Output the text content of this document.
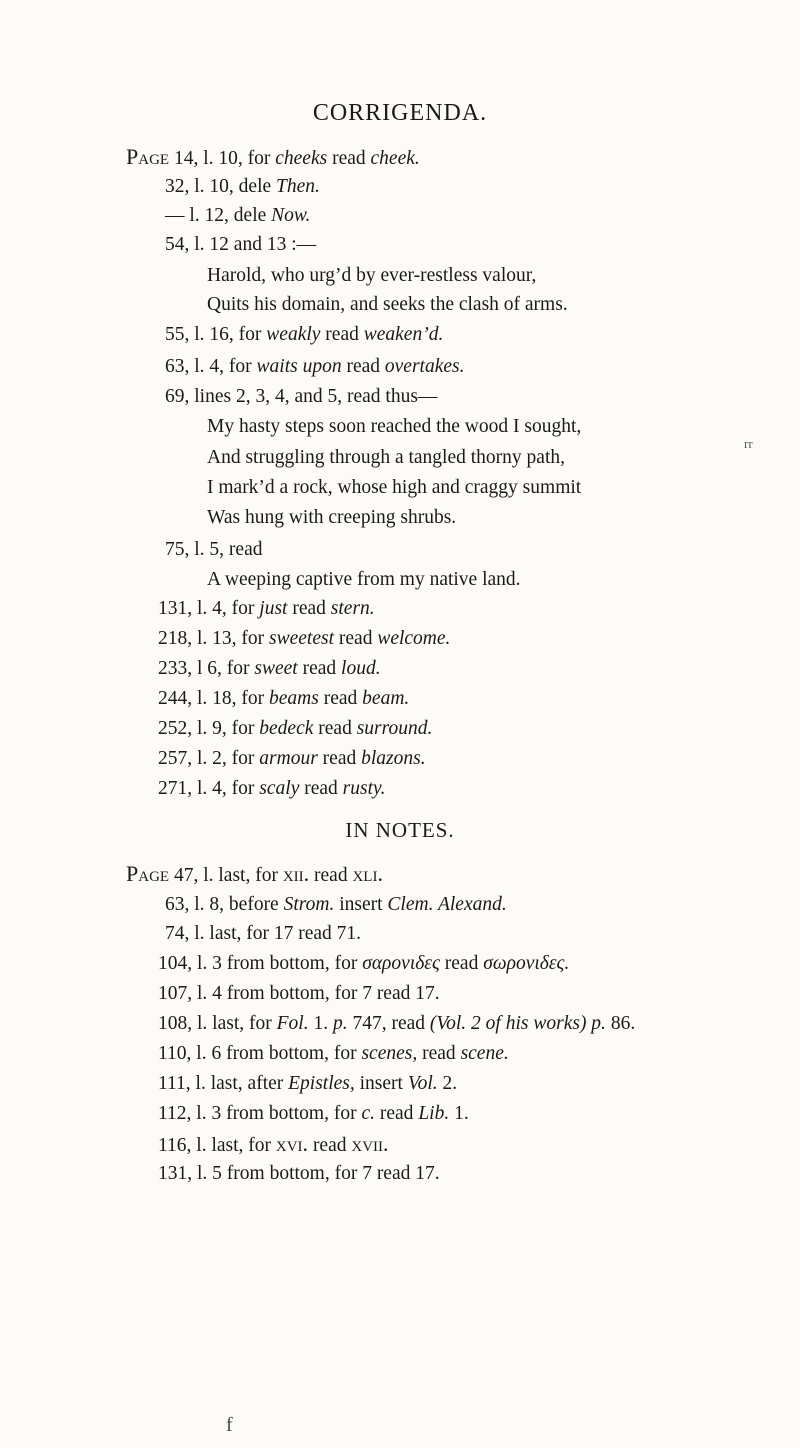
CORRIGENDA.
Page 14, l. 10, for cheeks read cheek.
32, l. 10, dele Then.
— l. 12, dele Now.
54, l. 12 and 13 :—
Harold, who urg’d by ever-restless valour,
Quits his domain, and seeks the clash of arms.
55, l. 16, for weakly read weaken’d.
63, l. 4, for waits upon read overtakes.
69, lines 2, 3, 4, and 5, read thus—
My hasty steps soon reached the wood I sought,
And struggling through a tangled thorny path,
I mark’d a rock, whose high and craggy summit
Was hung with creeping shrubs.
75, l. 5, read
A weeping captive from my native land.
131, l. 4, for just read stern.
218, l. 13, for sweetest read welcome.
233, l 6, for sweet read loud.
244, l. 18, for beams read beam.
252, l. 9, for bedeck read surround.
257, l. 2, for armour read blazons.
271, l. 4, for scaly read rusty.
IN NOTES.
Page 47, l. last, for xii. read xli.
63, l. 8, before Strom. insert Clem. Alexand.
74, l. last, for 17 read 71.
104, l. 3 from bottom, for σαρονιδες read σωρονιδες.
107, l. 4 from bottom, for 7 read 17.
108, l. last, for Fol. 1. p. 747, read (Vol. 2 of his works) p. 86.
110, l. 6 from bottom, for scenes, read scene.
111, l. last, after Epistles, insert Vol. 2.
112, l. 3 from bottom, for c. read Lib. 1.
116, l. last, for xvi. read xvii.
131, l. 5 from bottom, for 7 read 17.
rr
f
